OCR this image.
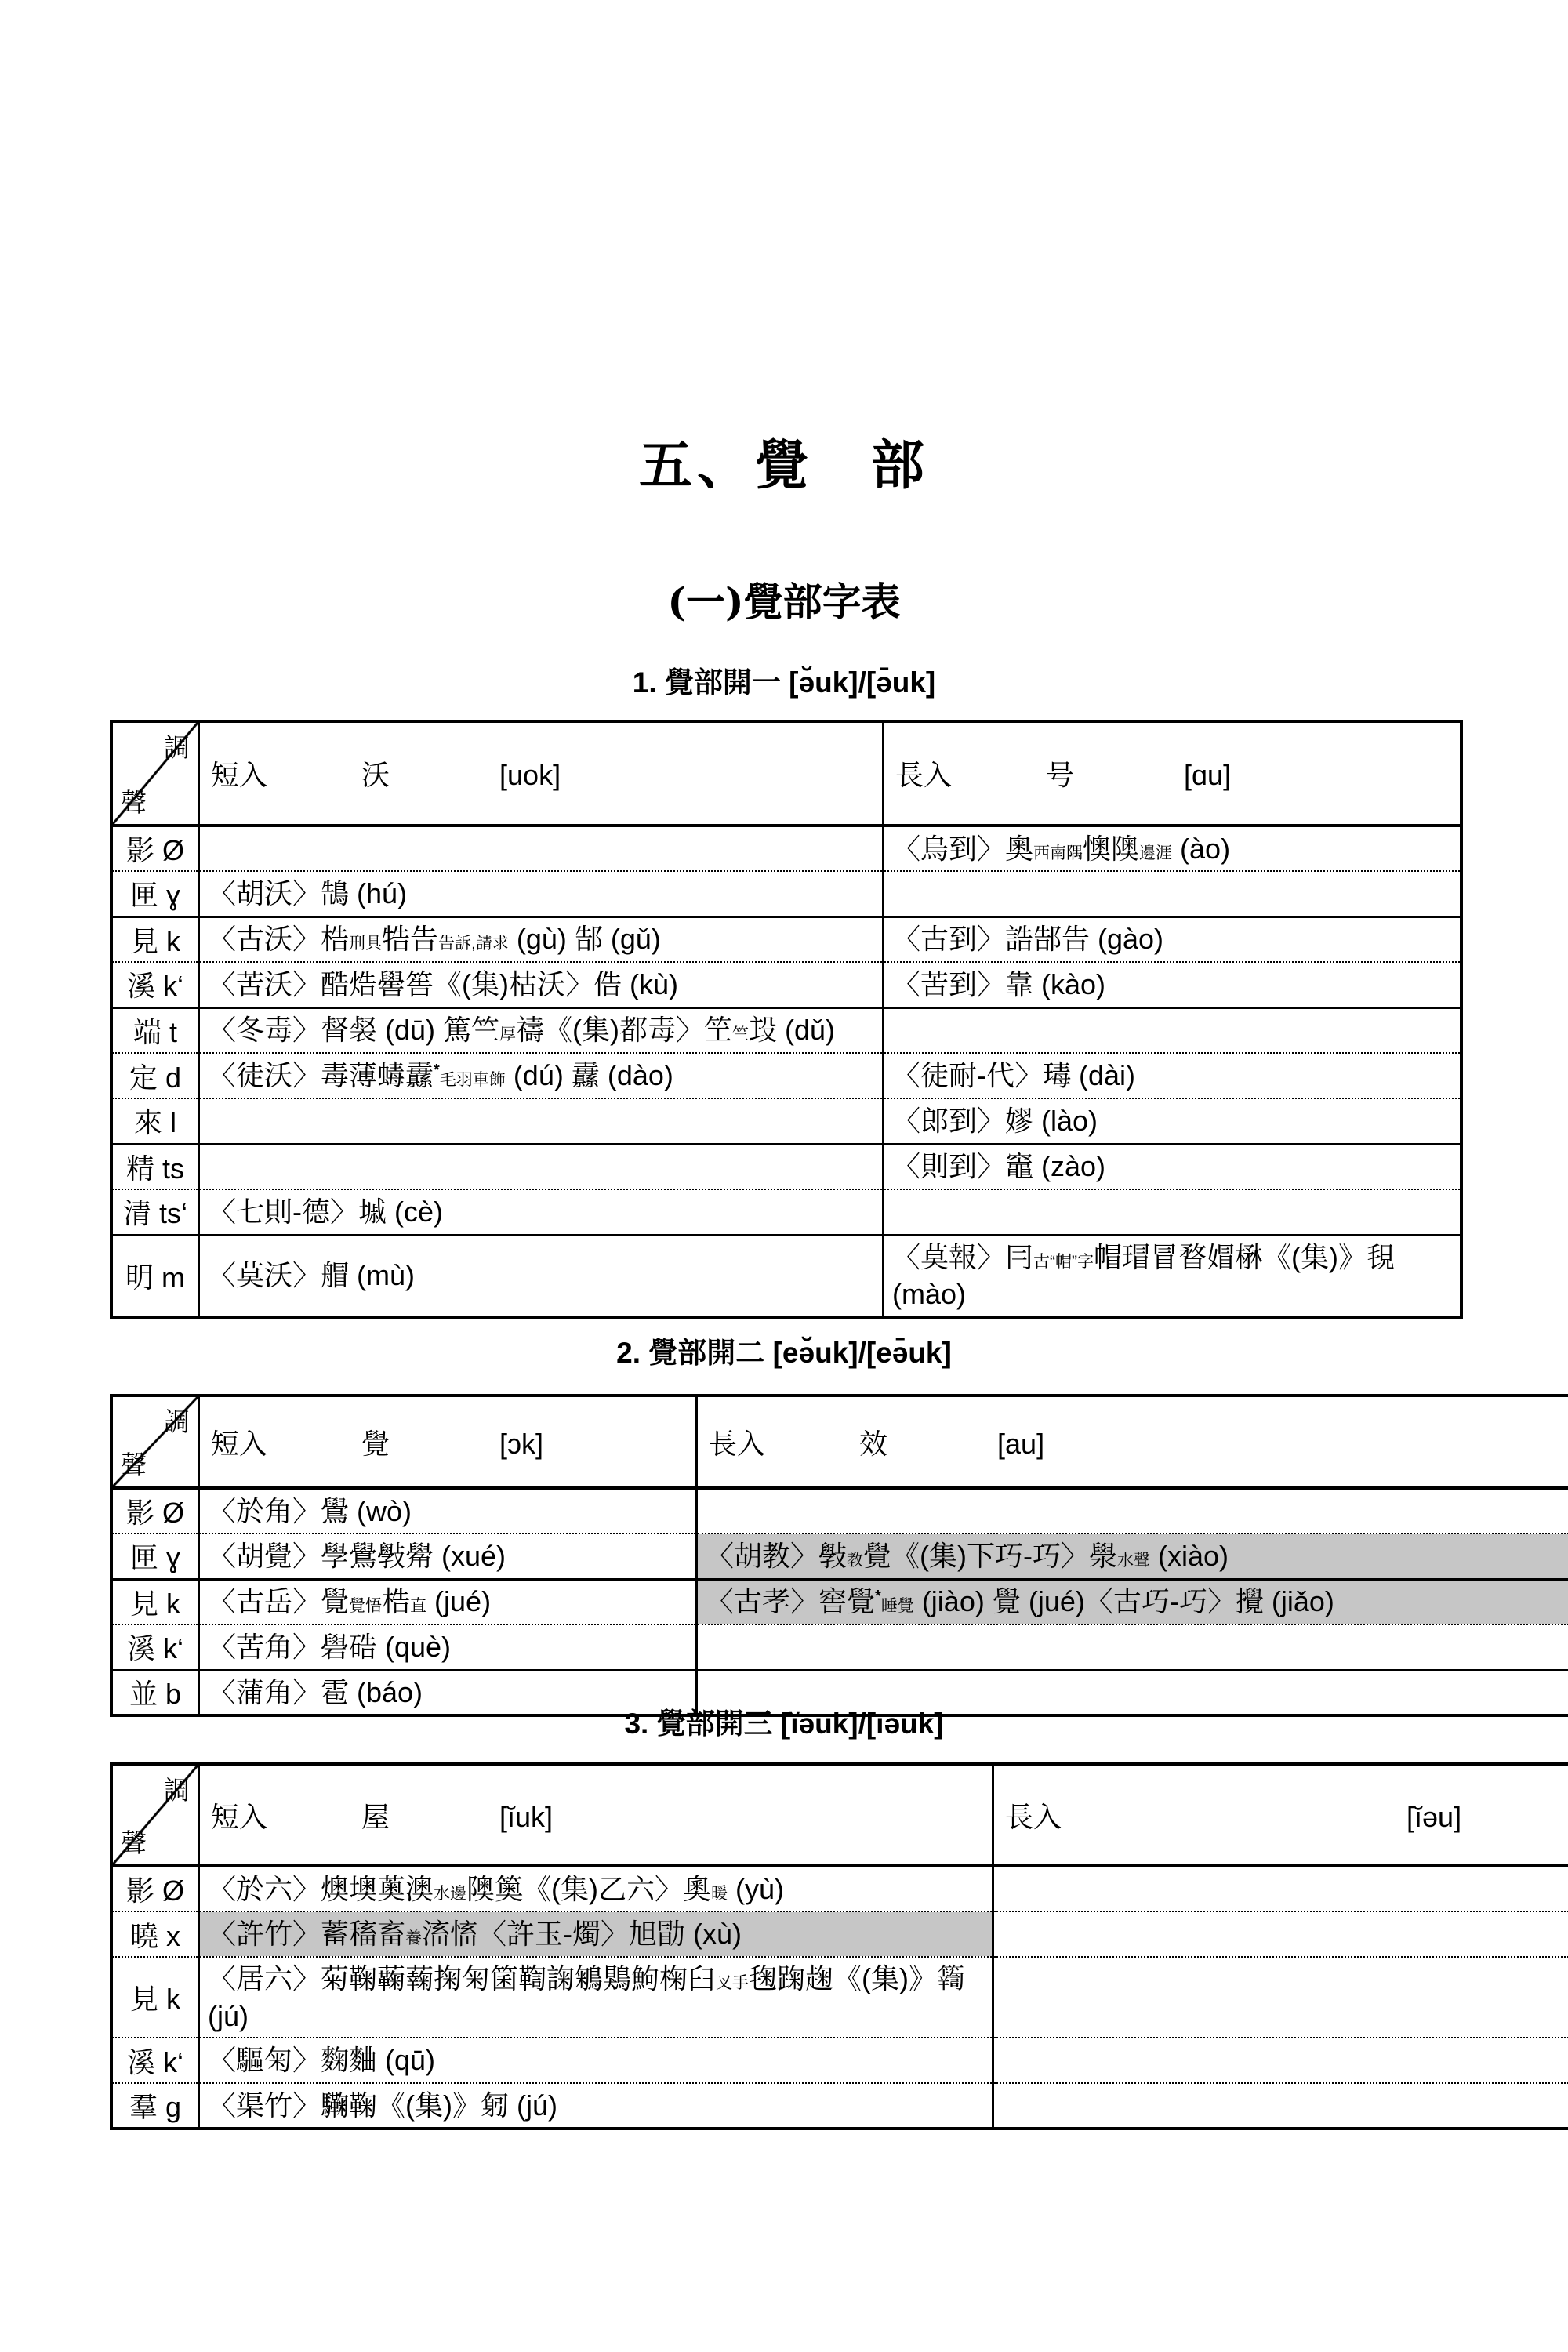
五、覺　部
(一)覺部字表
1. 覺部開一 [ə̆uk]/[ə̄uk]
調
聲	短入 沃 [uok]	長入 号 [ɑu]
影 Ø		〈烏到〉奧西南隅懊隩邊涯 (ào)
匣 ɣ	〈胡沃〉鵠 (hú)	
見 k	〈古沃〉梏刑具牿告告訴,請求 (gù) 郜 (gǔ)	〈古到〉誥郜告 (gào)
溪 k‘	〈苦沃〉酷焅嚳筶《(集)枯沃〉俈 (kù)	〈苦到〉靠 (kào)
端 t	〈冬毒〉督裻 (dū) 篤竺厚禱《(集)都毒〉笁竺殶 (dǔ)	
定 d	〈徒沃〉毒薄蝳纛*毛羽車飾 (dú) 纛 (dào)	〈徒耐-代〉瑇 (dài)
來 l		〈郎到〉嫪 (lào)
精 ts		〈則到〉竈 (zào)
清 ts‘	〈七則-德〉墄 (cè)	
明 m	〈莫沃〉艒 (mù)	〈莫報〉冃古“帽”字帽瑁冒暓媢楙《(集)》覒 (mào)
2. 覺部開二 [eə̆uk]/[eə̄uk]
調
聲	短入 覺 [ɔk]	長入 效 [au]
影 Ø	〈於角〉鷽 (wò)	
匣 ɣ	〈胡覺〉學鷽斅觷 (xué)	〈胡教〉斅教覺《(集)下巧-巧〉澩水聲 (xiào)
見 k	〈古岳〉覺覺悟梏直 (jué)	〈古孝〉窖覺*睡覺 (jiào) 覺 (jué)〈古巧-巧〉攪 (jiǎo)
溪 k‘	〈苦角〉礐硞 (què)	
並 b	〈蒲角〉雹 (báo)	
3. 覺部開三 [ĭəuk]/[īəuk]
調
聲	短入 屋 [ĭuk]	長入 [ĭəu]
影 Ø	〈於六〉燠墺薁澳水邊隩䉛《(集)乙六〉奧暖 (yù)	
曉 x	〈許竹〉蓄稸畜養滀慉〈許玉-燭〉旭勖 (xù)	
見 k	〈居六〉菊鞠蘜䕮掬匊箘鞫諊鵴鶪鮈椈臼叉手毱踘趜《(集)》𥷚 (jú)	
溪 k‘	〈驅匊〉麴麯 (qū)	
羣 g	〈渠竹〉驧鞠《(集)》匑 (jú)	
